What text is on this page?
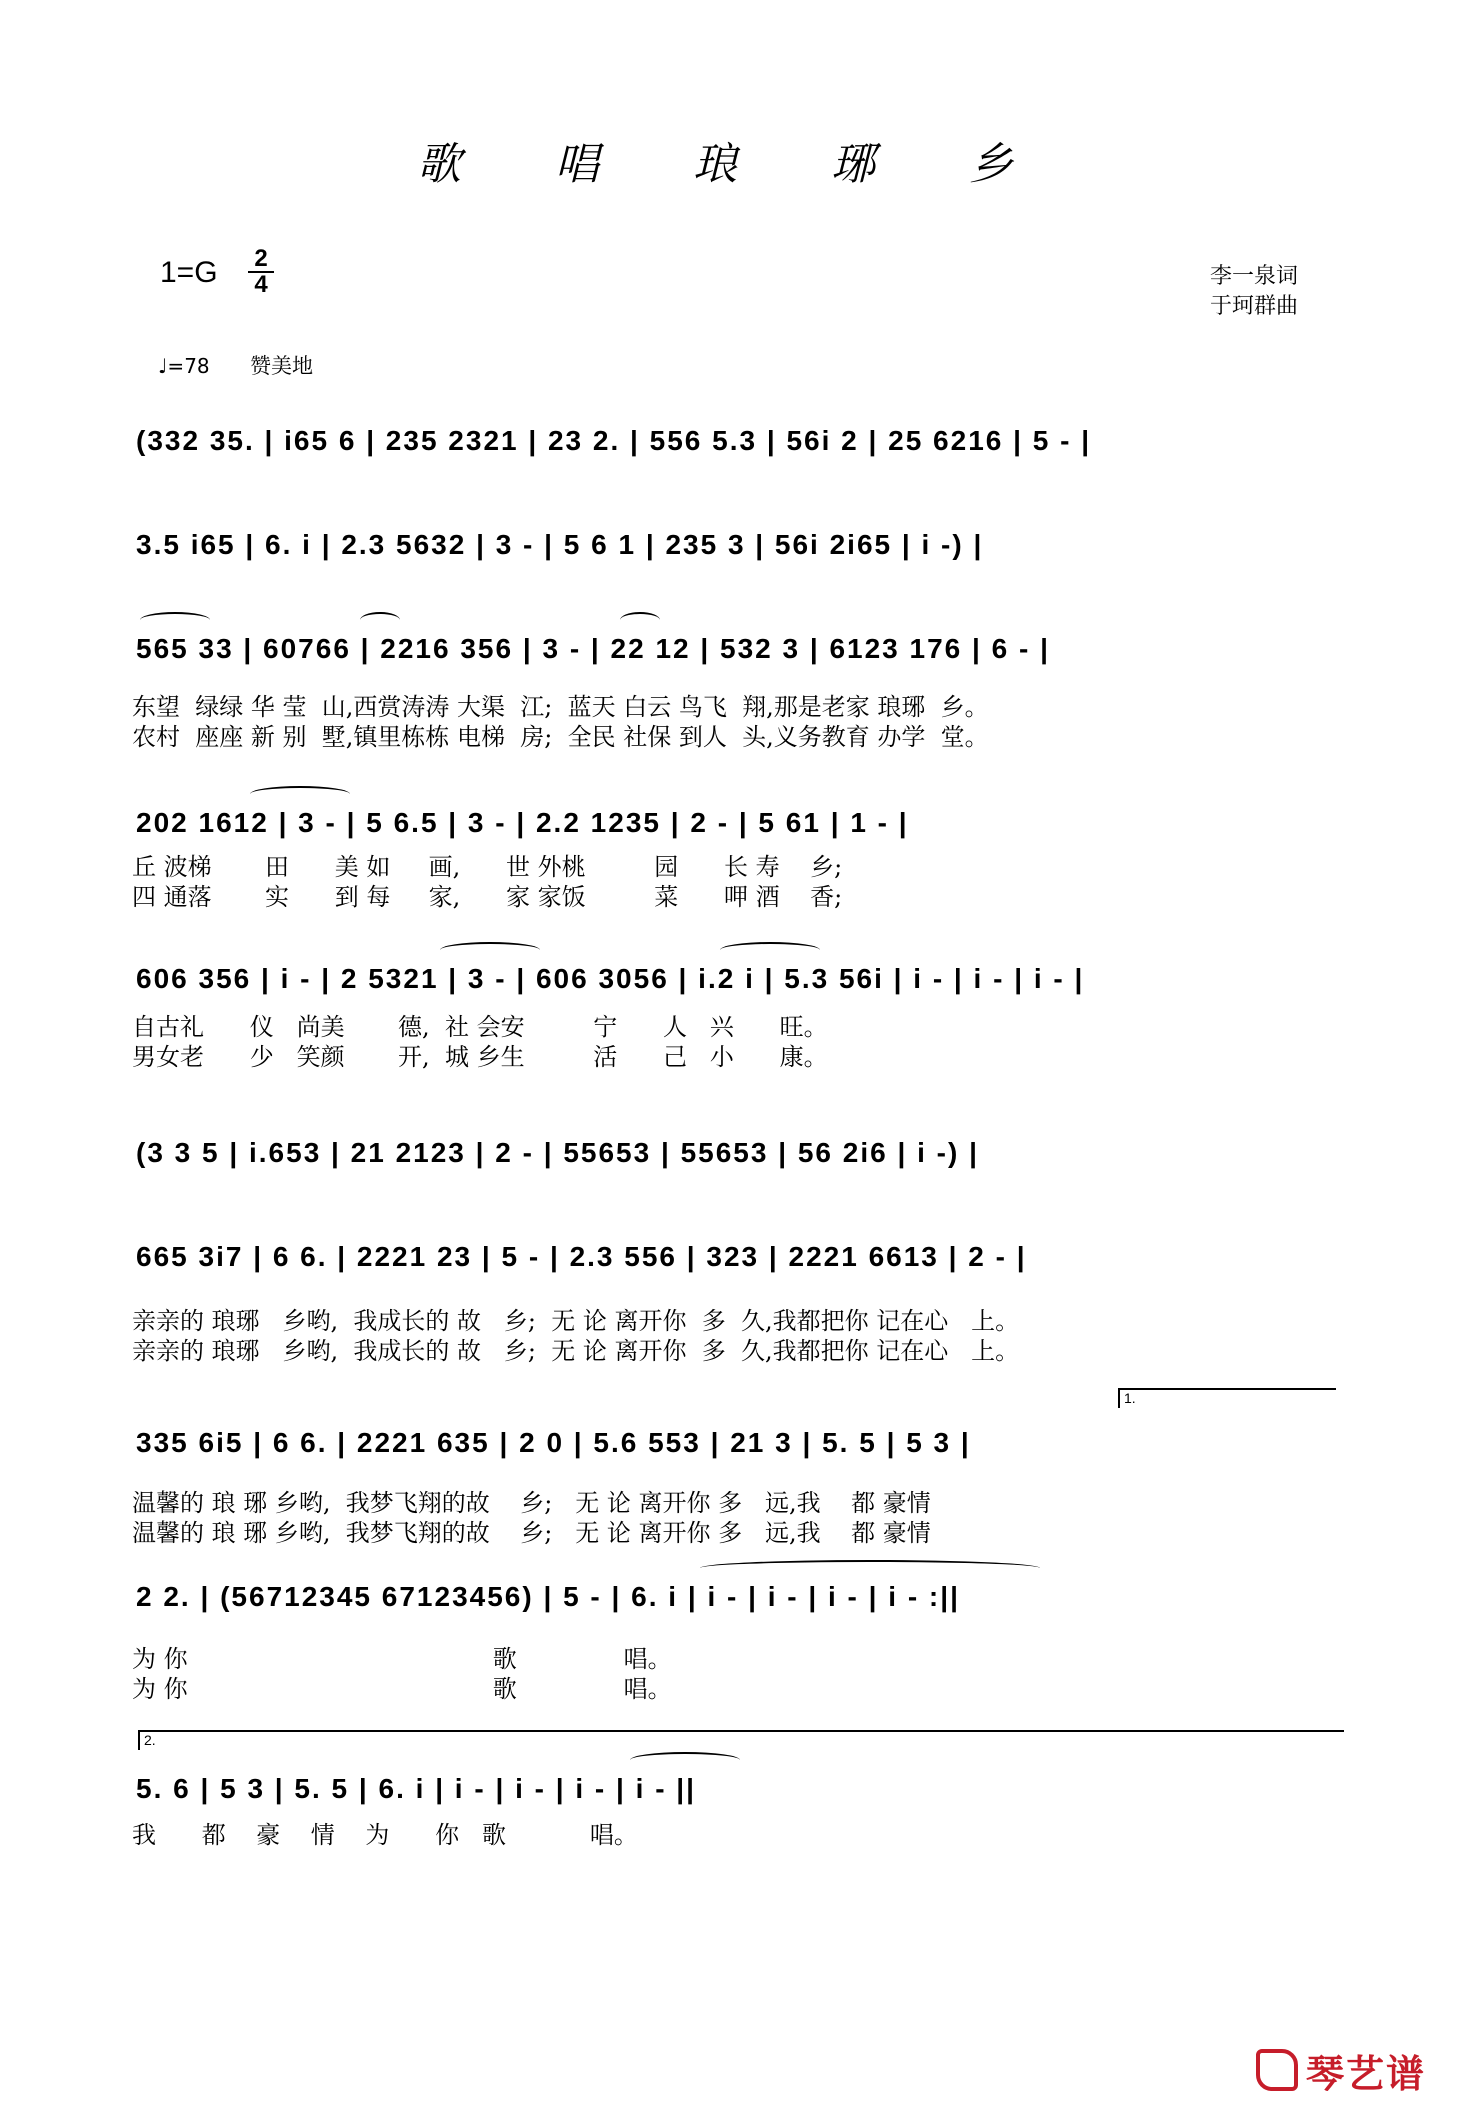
歌 唱 琅 琊 乡
1=G 2
4	李一泉词
于珂群曲
♩=78 赞美地
(332 35. | i65 6 | 235 2321 | 23 2. | 556 5.3 | 56i 2 | 25 6216 | 5 - |
3.5 i65 | 6. i | 2.3 5632 | 3 - | 5 6 1 | 235 3 | 56i 2i65 | i -) |
565 33 | 60766 | 2216 356 | 3 - | 22 12 | 532 3 | 6123 176 | 6 - |
东望  绿绿 华 莹  山,西赏涛涛 大渠  江;  蓝天 白云 鸟飞  翔,那是老家 琅琊  乡。
农村  座座 新 别  墅,镇里栋栋 电梯  房;  全民 社保 到人  头,义务教育 办学  堂。
202 1612 | 3 - | 5 6.5 | 3 - | 2.2 1235 | 2 - | 5 61 | 1 - |
丘 波梯       田      美 如     画,      世 外桃         园      长 寿    乡;
四 通落       实      到 每     家,      家 家饭         菜      呷 酒    香;
606 356 | i - | 2 5321 | 3 - | 606 3056 | i.2 i | 5.3 56i | i - | i - | i - |
自古礼      仪   尚美       德,  社 会安         宁      人   兴      旺。
男女老      少   笑颜       开,  城 乡生         活      己   小      康。
(3 3 5 | i.653 | 21 2123 | 2 - | 55653 | 55653 | 56 2i6 | i -) |
665 3i7 | 6 6. | 2221 23 | 5 - | 2.3 556 | 323 | 2221 6613 | 2 - |
亲亲的 琅琊   乡哟,  我成长的 故   乡;  无 论 离开你  多  久,我都把你 记在心   上。
亲亲的 琅琊   乡哟,  我成长的 故   乡;  无 论 离开你  多  久,我都把你 记在心   上。
1.
335 6i5 | 6 6. | 2221 635 | 2 0 | 5.6 553 | 21 3 | 5. 5 | 5 3 |
温馨的 琅 琊 乡哟,  我梦飞翔的故    乡;   无 论 离开你 多   远,我    都 豪情
温馨的 琅 琊 乡哟,  我梦飞翔的故    乡;   无 论 离开你 多   远,我    都 豪情
2 2. | (56712345 67123456) | 5 - | 6. i | i - | i - | i - | i - :||
为 你                                        歌              唱。
为 你                                        歌              唱。
2.
5. 6 | 5 3 | 5. 5 | 6. i | i - | i - | i - | i - ||
我      都    豪    情    为      你   歌           唱。
琴艺谱
